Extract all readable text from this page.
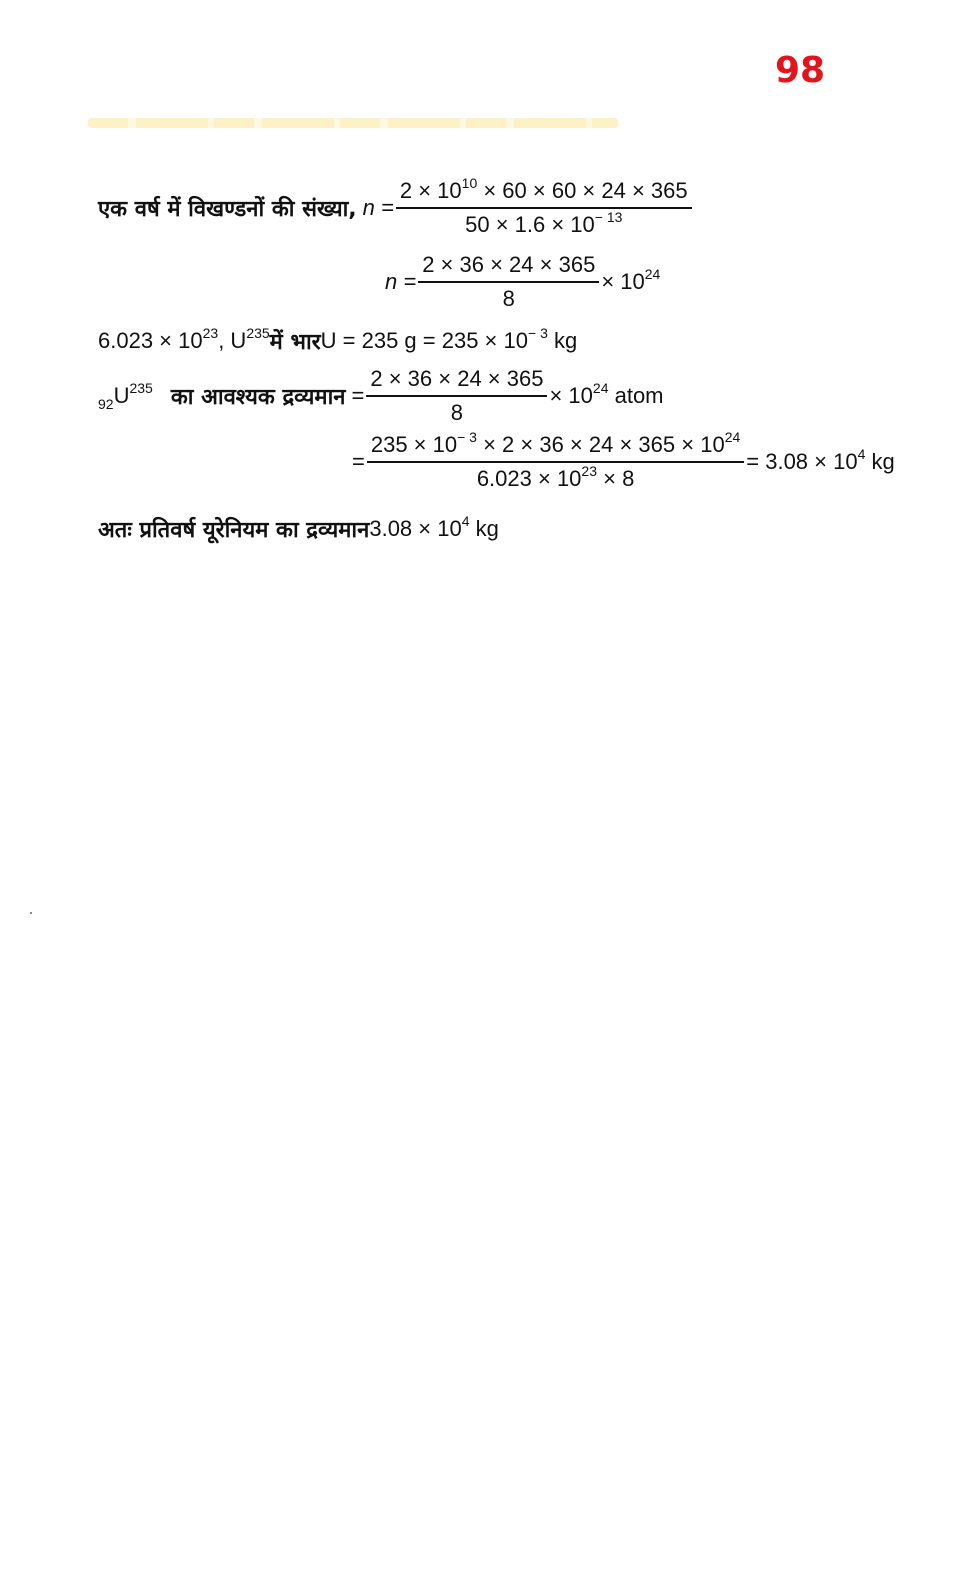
98
एक वर्ष में विखण्डनों की संख्या, $n = \frac{2 \times 10^{10} \times 60 \times 60 \times 24 \times 365}{50 \times 1.6 \times 10^{- 13}}$
$n = \frac{2 \times 36 \times 24 \times 365}{8} \times 10^{24}$
$6.023 \times 10^{23}$ , $U^{235}$ में भार U = 235 $g = 235 \times 10^{- 3}$ kg
$_{92}U^{235}$ का आवश्यक द्रव्यमान = $\frac{2 \times 36 \times 24 \times 365}{8} \times 10^{24}$ atom
= $\frac{235 \times 10^{- 3} \times 2 \times 36 \times 24 \times 365 \times 10^{24}}{6.023 \times 10^{23} \times 8} = 3.08 \times 10^4$ kg
अतः प्रतिवर्ष यूरेनियम का द्रव्यमान $3.08 \times 10^4$ kg
